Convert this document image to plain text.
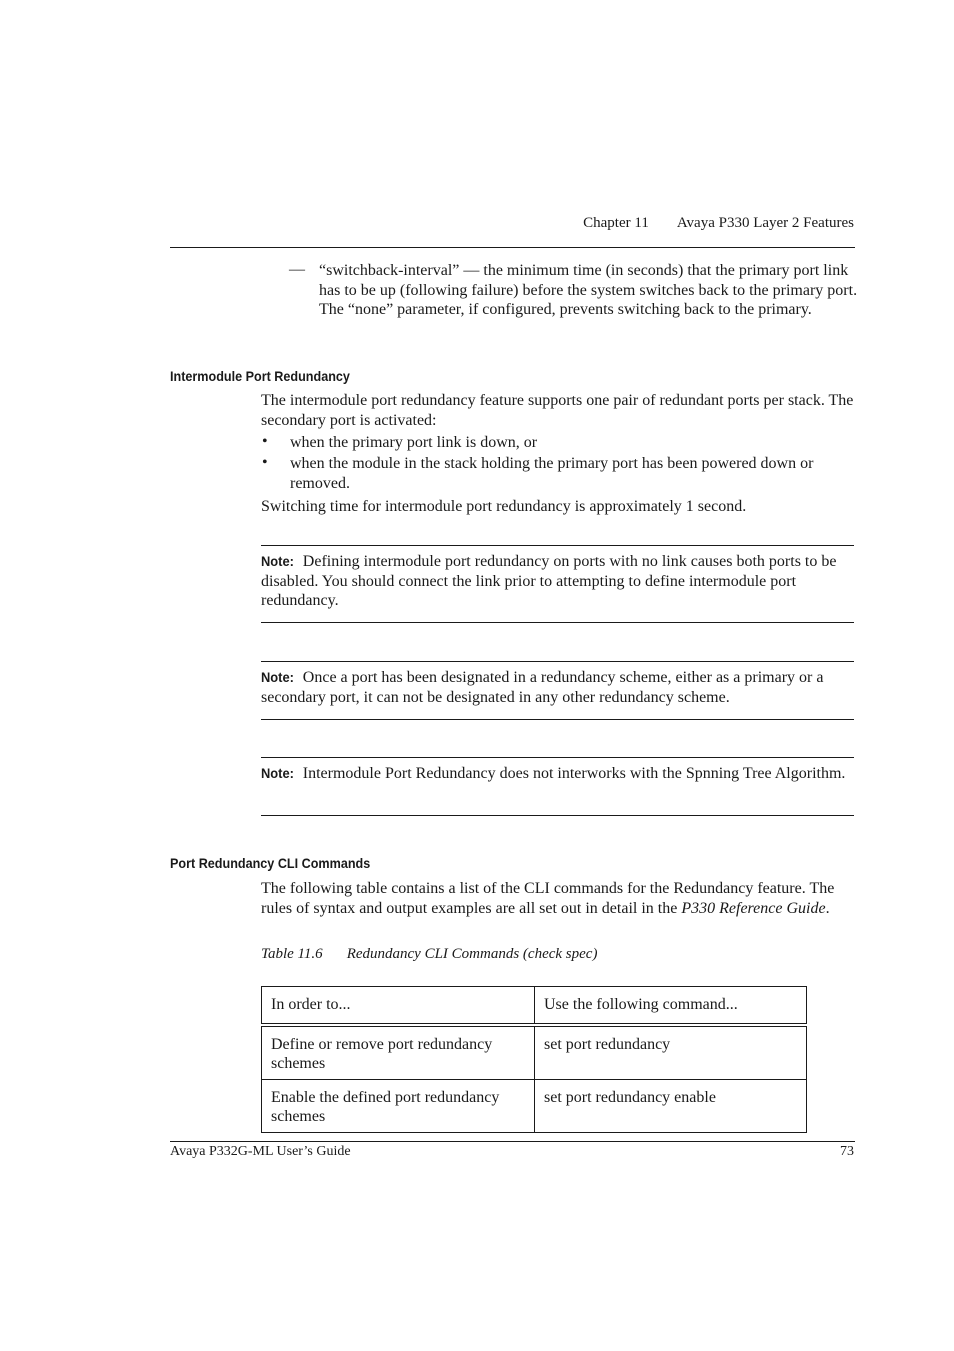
Chapter 11 Avaya P330 Layer 2 Features
— “switchback-interval” — the minimum time (in seconds) that the primary port link has to be up (following failure) before the system switches back to the primary port. The “none” parameter, if configured, prevents switching back to the primary.
Intermodule Port Redundancy
The intermodule port redundancy feature supports one pair of redundant ports per stack. The secondary port is activated:
• when the primary port link is down, or
• when the module in the stack holding the primary port has been powered down or removed.
Switching time for intermodule port redundancy is approximately 1 second.
Note: Defining intermodule port redundancy on ports with no link causes both ports to be disabled. You should connect the link prior to attempting to define intermodule port redundancy.
Note: Once a port has been designated in a redundancy scheme, either as a primary or a secondary port, it can not be designated in any other redundancy scheme.
Note: Intermodule Port Redundancy does not interworks with the Spnning Tree Algorithm.
Port Redundancy CLI Commands
The following table contains a list of the CLI commands for the Redundancy feature. The rules of syntax and output examples are all set out in detail in the P330 Reference Guide.
Table 11.6 Redundancy CLI Commands (check spec)
In order to...	Use the following command...
Define or remove port redundancy schemes	set port redundancy
Enable the defined port redundancy schemes	set port redundancy enable
Avaya P332G-ML User’s Guide	73
